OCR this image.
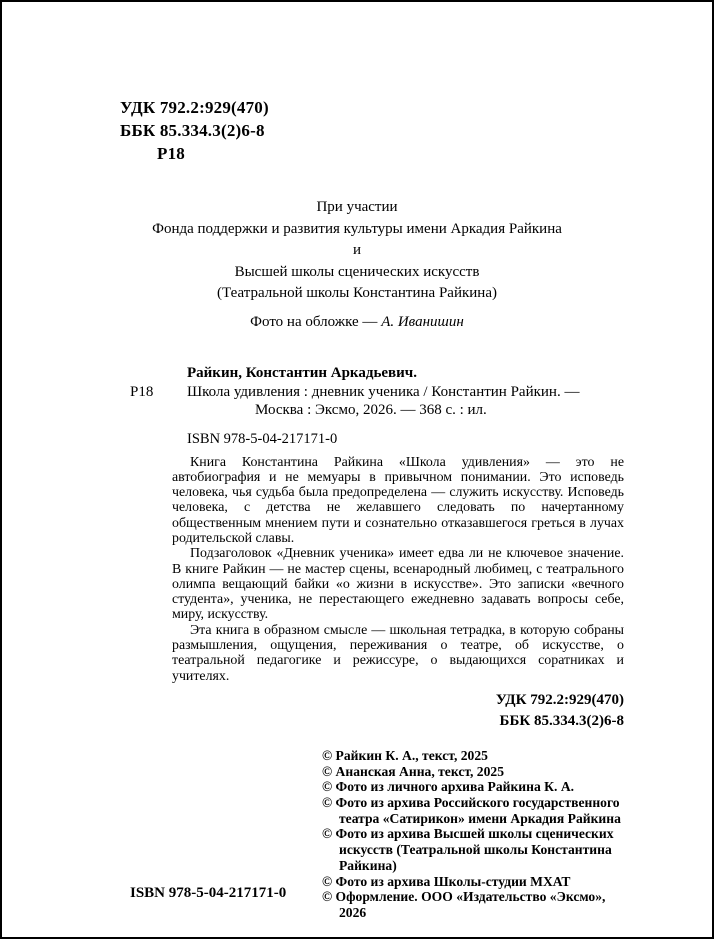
УДК 792.2:929(470)
ББК 85.334.3(2)6-8
Р18
При участии
Фонда поддержки и развития культуры имени Аркадия Райкина
и
Высшей школы сценических искусств
(Театральной школы Константина Райкина)
Фото на обложке — А. Иванишин
Райкин, Константин Аркадьевич.
Р18 Школа удивления : дневник ученика / Константин Райкин. — Москва : Эксмо, 2026. — 368 с. : ил.
ISBN 978-5-04-217171-0

Книга Константина Райкина «Школа удивления» — это не автобиография и не мемуары в привычном понимании. Это исповедь человека, чья судьба была предопределена — служить искусству. Исповедь человека, с детства не желавшего следовать по начертанному общественным мнением пути и сознательно отказавшегося греться в лучах родительской славы.

Подзаголовок «Дневник ученика» имеет едва ли не ключевое значение. В книге Райкин — не мастер сцены, всенародный любимец, с театрального олимпа вещающий байки «о жизни в искусстве». Это записки «вечного студента», ученика, не перестающего ежедневно задавать вопросы себе, миру, искусству.

Эта книга в образном смысле — школьная тетрадка, в которую собраны размышления, ощущения, переживания о театре, об искусстве, о театральной педагогике и режиссуре, о выдающихся соратниках и учителях.

УДК 792.2:929(470)
ББК 85.334.3(2)6-8
© Райкин К. А., текст, 2025
© Ананская Анна, текст, 2025
© Фото из личного архива Райкина К. А.
© Фото из архива Российского государственного театра «Сатирикон» имени Аркадия Райкина
© Фото из архива Высшей школы сценических искусств (Театральной школы Константина Райкина)
© Фото из архива Школы-студии МХАТ
© Оформление. ООО «Издательство «Эксмо», 2026
ISBN 978-5-04-217171-0
